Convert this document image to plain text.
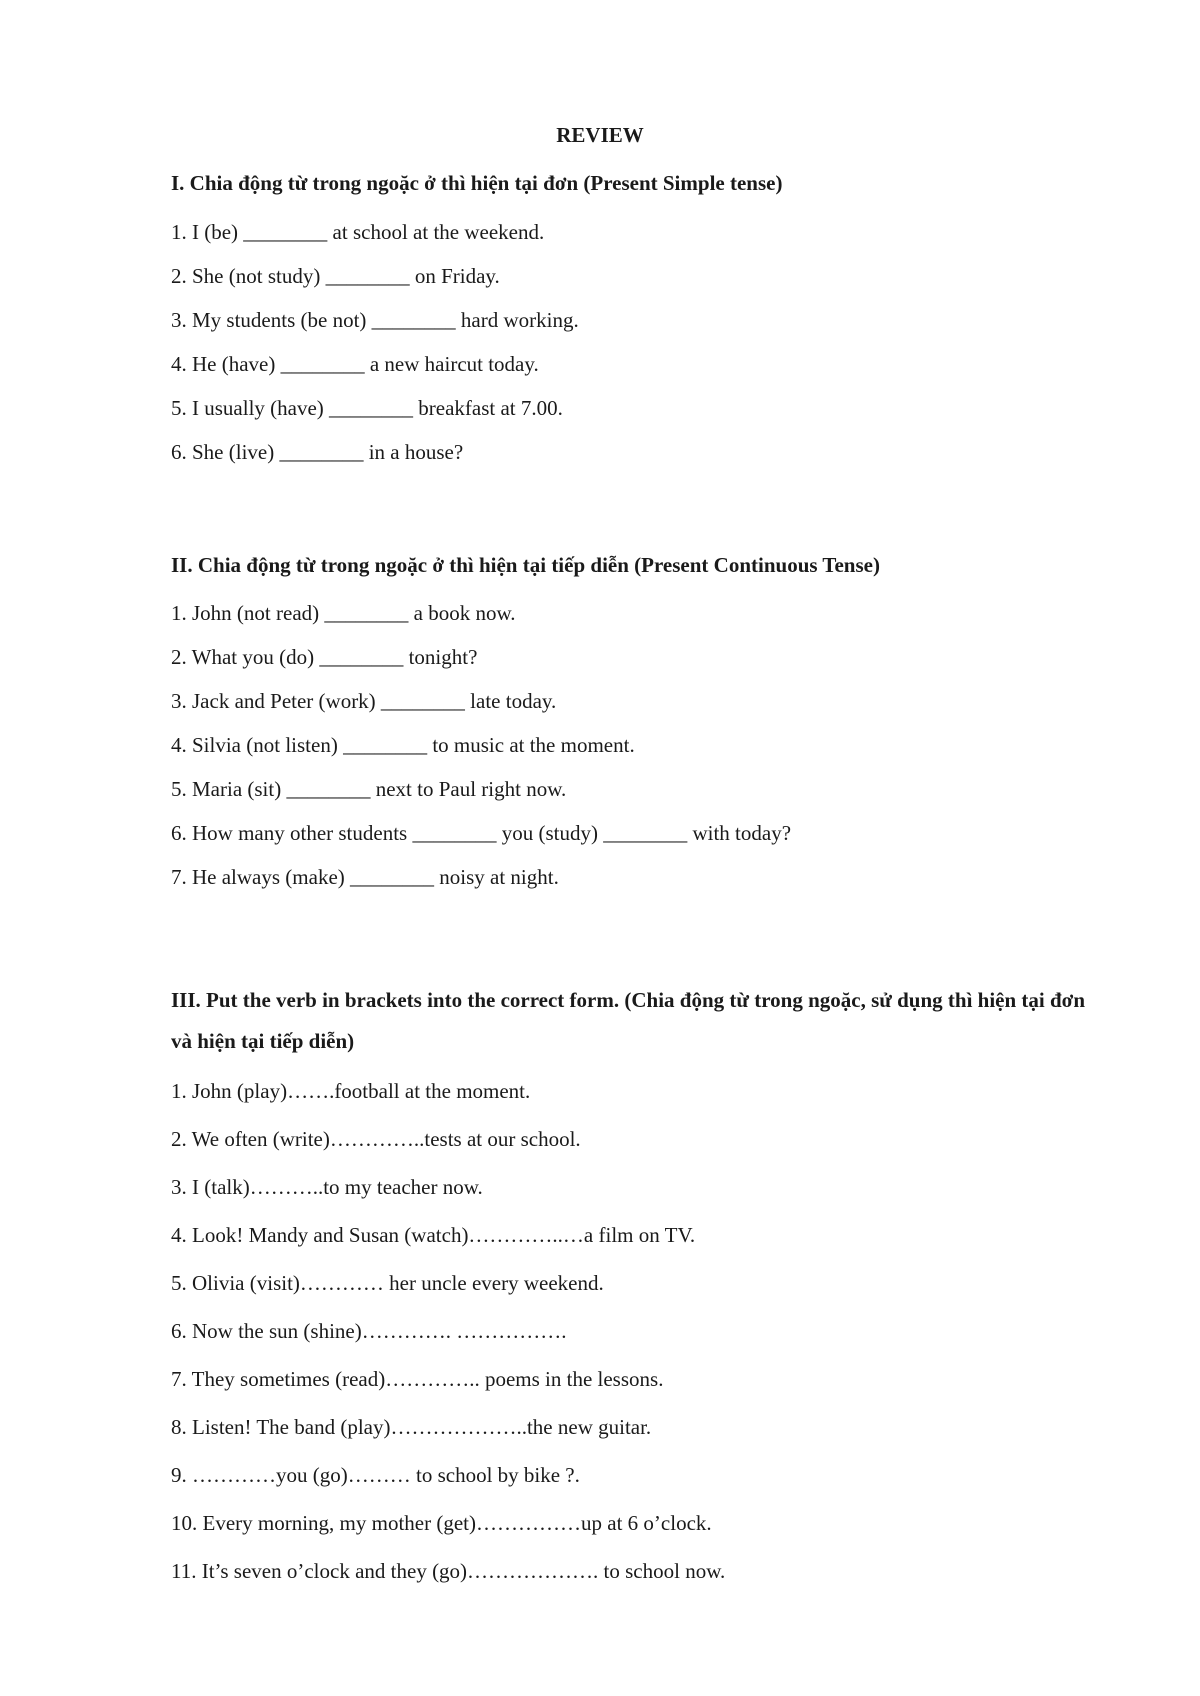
REVIEW
I. Chia động từ trong ngoặc ở thì hiện tại đơn (Present Simple tense)
1. I (be) ________ at school at the weekend.
2. She (not study) ________ on Friday.
3. My students (be not) ________ hard working.
4. He (have) ________ a new haircut today.
5. I usually (have) ________ breakfast at 7.00.
6. She (live) ________ in a house?
II. Chia động từ trong ngoặc ở thì hiện tại tiếp diễn (Present Continuous Tense)
1. John (not read) ________ a book now.
2. What you (do) ________ tonight?
3. Jack and Peter (work) ________ late today.
4. Silvia (not listen) ________ to music at the moment.
5. Maria (sit) ________ next to Paul right now.
6. How many other students ________ you (study) ________ with today?
7. He always (make) ________ noisy at night.
III. Put the verb in brackets into the correct form. (Chia động từ trong ngoặc, sử dụng thì hiện tại đơn và hiện tại tiếp diễn)
1. John (play)…….football at the moment.
2. We often (write)…………..tests at our school.
3. I (talk)………..to my teacher now.
4. Look! Mandy and Susan (watch)…………..…a film on TV.
5. Olivia (visit)………… her uncle every weekend.
6. Now the sun (shine)…………. …………….
7. They sometimes (read)………….. poems in the lessons.
8. Listen! The band (play)………………..the new guitar.
9. …………you (go)……… to school by bike ?.
10. Every morning, my mother (get)……………up at 6 o’clock.
11. It’s seven o’clock and they (go)………………. to school now.
